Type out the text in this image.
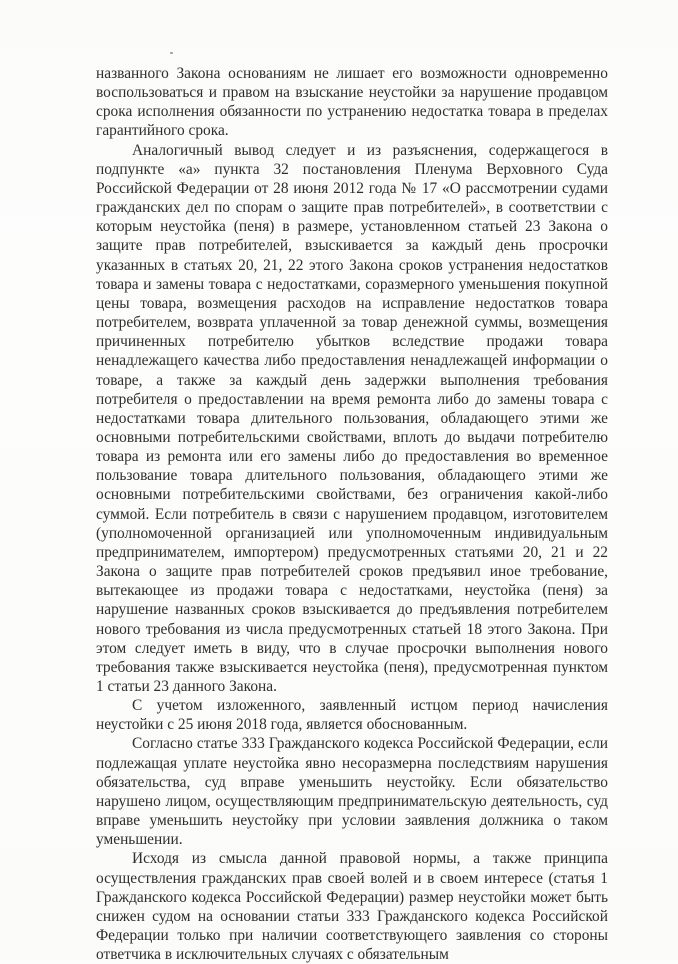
названного Закона основаниям не лишает его возможности одновременно воспользоваться и правом на взыскание неустойки за нарушение продавцом срока исполнения обязанности по устранению недостатка товара в пределах гарантийного срока.

Аналогичный вывод следует и из разъяснения, содержащегося в подпункте «а» пункта 32 постановления Пленума Верховного Суда Российской Федерации от 28 июня 2012 года № 17 «О рассмотрении судами гражданских дел по спорам о защите прав потребителей», в соответствии с которым неустойка (пеня) в размере, установленном статьей 23 Закона о защите прав потребителей, взыскивается за каждый день просрочки указанных в статьях 20, 21, 22 этого Закона сроков устранения недостатков товара и замены товара с недостатками, соразмерного уменьшения покупной цены товара, возмещения расходов на исправление недостатков товара потребителем, возврата уплаченной за товар денежной суммы, возмещения причиненных потребителю убытков вследствие продажи товара ненадлежащего качества либо предоставления ненадлежащей информации о товаре, а также за каждый день задержки выполнения требования потребителя о предоставлении на время ремонта либо до замены товара с недостатками товара длительного пользования, обладающего этими же основными потребительскими свойствами, вплоть до выдачи потребителю товара из ремонта или его замены либо до предоставления во временное пользование товара длительного пользования, обладающего этими же основными потребительскими свойствами, без ограничения какой-либо суммой. Если потребитель в связи с нарушением продавцом, изготовителем (уполномоченной организацией или уполномоченным индивидуальным предпринимателем, импортером) предусмотренных статьями 20, 21 и 22 Закона о защите прав потребителей сроков предъявил иное требование, вытекающее из продажи товара с недостатками, неустойка (пеня) за нарушение названных сроков взыскивается до предъявления потребителем нового требования из числа предусмотренных статьей 18 этого Закона. При этом следует иметь в виду, что в случае просрочки выполнения нового требования также взыскивается неустойка (пеня), предусмотренная пунктом 1 статьи 23 данного Закона.

С учетом изложенного, заявленный истцом период начисления неустойки с 25 июня 2018 года, является обоснованным.

Согласно статье 333 Гражданского кодекса Российской Федерации, если подлежащая уплате неустойка явно несоразмерна последствиям нарушения обязательства, суд вправе уменьшить неустойку. Если обязательство нарушено лицом, осуществляющим предпринимательскую деятельность, суд вправе уменьшить неустойку при условии заявления должника о таком уменьшении.

Исходя из смысла данной правовой нормы, а также принципа осуществления гражданских прав своей волей и в своем интересе (статья 1 Гражданского кодекса Российской Федерации) размер неустойки может быть снижен судом на основании статьи 333 Гражданского кодекса Российской Федерации только при наличии соответствующего заявления со стороны ответчика в исключительных случаях с обязательным
